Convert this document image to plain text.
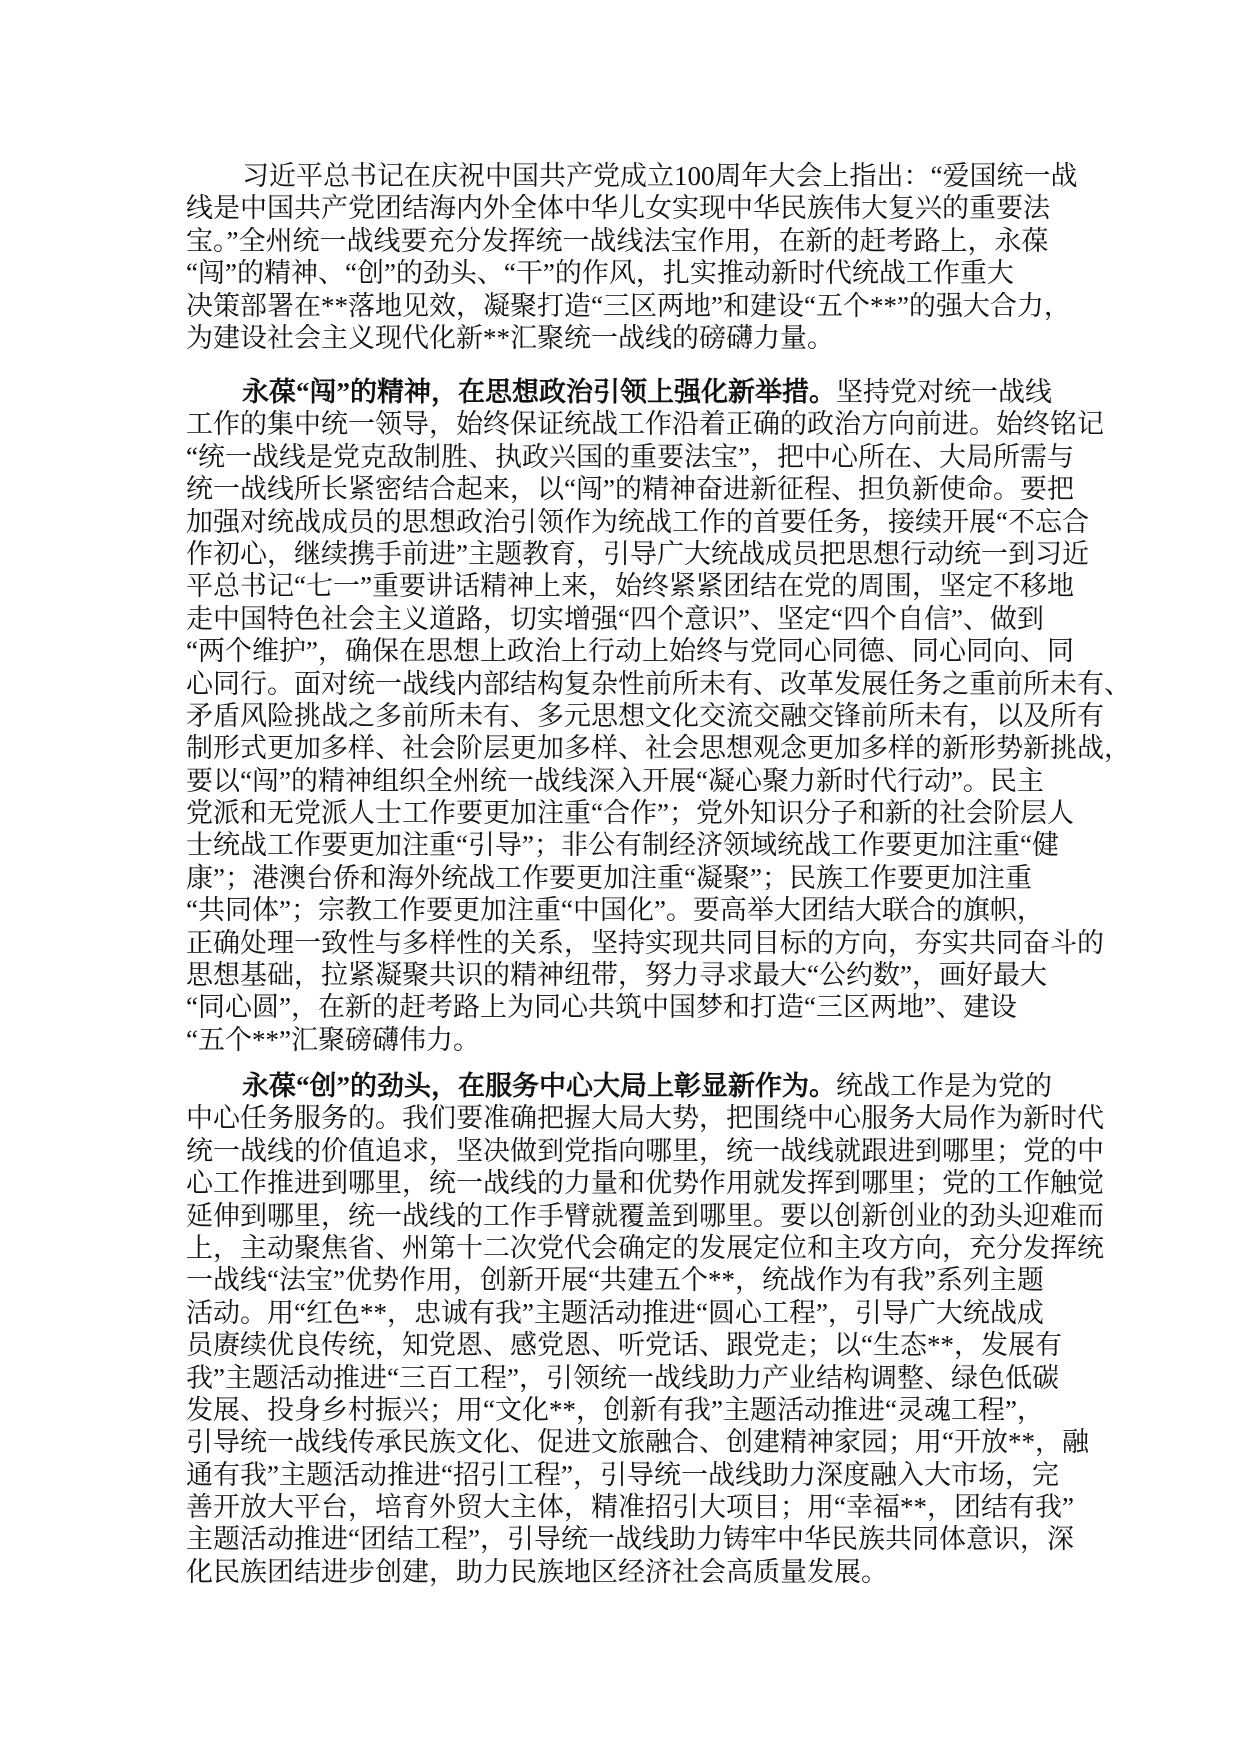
习近平总书记在庆祝中国共产党成立100周年大会上指出：“爱国统一战
线是中国共产党团结海内外全体中华儿女实现中华民族伟大复兴的重要法
宝。”全州统一战线要充分发挥统一战线法宝作用，在新的赶考路上，永葆
“闯”的精神、“创”的劲头、“干”的作风，扎实推动新时代统战工作重大
决策部署在**落地见效，凝聚打造“三区两地”和建设“五个**”的强大合力，
为建设社会主义现代化新**汇聚统一战线的磅礴力量。
永葆“闯”的精神，在思想政治引领上强化新举措。坚持党对统一战线
工作的集中统一领导，始终保证统战工作沿着正确的政治方向前进。始终铭记
“统一战线是党克敌制胜、执政兴国的重要法宝”，把中心所在、大局所需与
统一战线所长紧密结合起来，以“闯”的精神奋进新征程、担负新使命。要把
加强对统战成员的思想政治引领作为统战工作的首要任务，接续开展“不忘合
作初心，继续携手前进”主题教育，引导广大统战成员把思想行动统一到习近
平总书记“七一”重要讲话精神上来，始终紧紧团结在党的周围，坚定不移地
走中国特色社会主义道路，切实增强“四个意识”、坚定“四个自信”、做到
“两个维护”，确保在思想上政治上行动上始终与党同心同德、同心同向、同
心同行。面对统一战线内部结构复杂性前所未有、改革发展任务之重前所未有、
矛盾风险挑战之多前所未有、多元思想文化交流交融交锋前所未有，以及所有
制形式更加多样、社会阶层更加多样、社会思想观念更加多样的新形势新挑战，
要以“闯”的精神组织全州统一战线深入开展“凝心聚力新时代行动”。民主
党派和无党派人士工作要更加注重“合作”；党外知识分子和新的社会阶层人
士统战工作要更加注重“引导”；非公有制经济领域统战工作要更加注重“健
康”；港澳台侨和海外统战工作要更加注重“凝聚”；民族工作要更加注重
“共同体”；宗教工作要更加注重“中国化”。要高举大团结大联合的旗帜，
正确处理一致性与多样性的关系，坚持实现共同目标的方向，夯实共同奋斗的
思想基础，拉紧凝聚共识的精神纽带，努力寻求最大“公约数”，画好最大
“同心圆”，在新的赶考路上为同心共筑中国梦和打造“三区两地”、建设
“五个**”汇聚磅礴伟力。
永葆“创”的劲头，在服务中心大局上彰显新作为。统战工作是为党的
中心任务服务的。我们要准确把握大局大势，把围绕中心服务大局作为新时代
统一战线的价值追求，坚决做到党指向哪里，统一战线就跟进到哪里；党的中
心工作推进到哪里，统一战线的力量和优势作用就发挥到哪里；党的工作触觉
延伸到哪里，统一战线的工作手臂就覆盖到哪里。要以创新创业的劲头迎难而
上，主动聚焦省、州第十二次党代会确定的发展定位和主攻方向，充分发挥统
一战线“法宝”优势作用，创新开展“共建五个**，统战作为有我”系列主题
活动。用“红色**，忠诚有我”主题活动推进“圆心工程”，引导广大统战成
员赓续优良传统，知党恩、感党恩、听党话、跟党走；以“生态**，发展有
我”主题活动推进“三百工程”，引领统一战线助力产业结构调整、绿色低碳
发展、投身乡村振兴；用“文化**，创新有我”主题活动推进“灵魂工程”，
引导统一战线传承民族文化、促进文旅融合、创建精神家园；用“开放**，融
通有我”主题活动推进“招引工程”，引导统一战线助力深度融入大市场，完
善开放大平台，培育外贸大主体，精准招引大项目；用“幸福**，团结有我”
主题活动推进“团结工程”，引导统一战线助力铸牢中华民族共同体意识，深
化民族团结进步创建，助力民族地区经济社会高质量发展。
